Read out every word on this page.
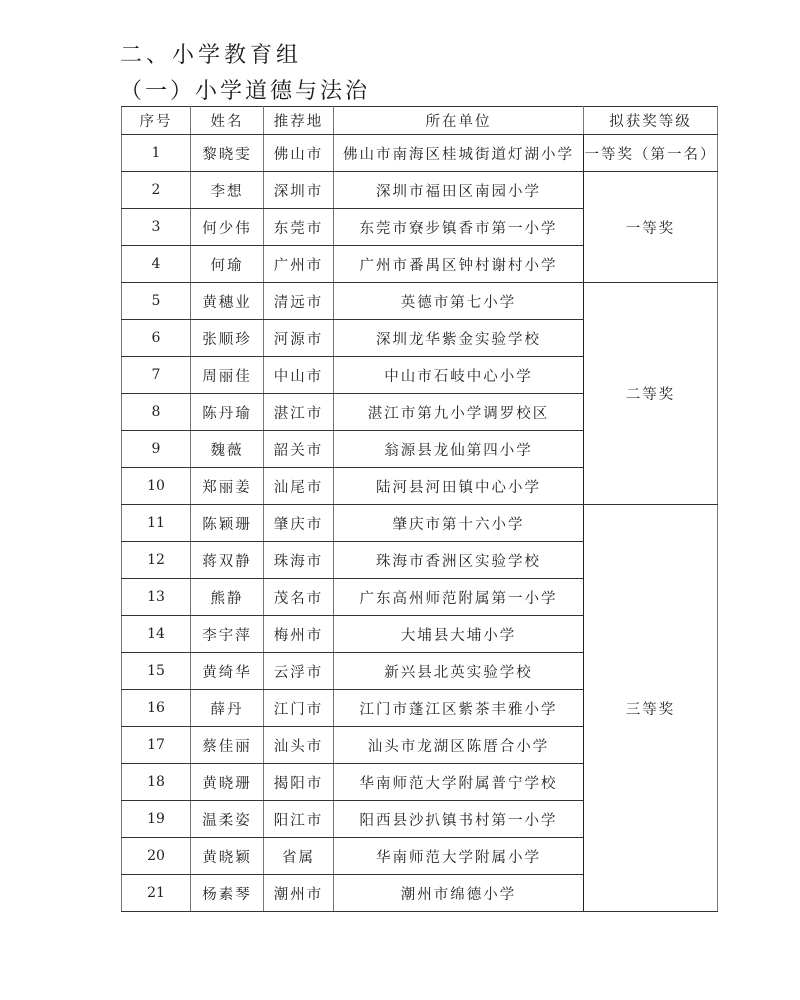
二、小学教育组
（一）小学道德与法治
序号	姓名	推荐地	所在单位	拟获奖等级
1	黎晓雯	佛山市	佛山市南海区桂城街道灯湖小学	一等奖（第一名）
2	李想	深圳市	深圳市福田区南园小学	一等奖
3	何少伟	东莞市	东莞市寮步镇香市第一小学	
4	何瑜	广州市	广州市番禺区钟村谢村小学	
5	黄穗业	清远市	英德市第七小学	二等奖
6	张顺珍	河源市	深圳龙华紫金实验学校	
7	周丽佳	中山市	中山市石岐中心小学	
8	陈丹瑜	湛江市	湛江市第九小学调罗校区	
9	魏薇	韶关市	翁源县龙仙第四小学	
10	郑丽姜	汕尾市	陆河县河田镇中心小学	
11	陈颖珊	肇庆市	肇庆市第十六小学	三等奖
12	蒋双静	珠海市	珠海市香洲区实验学校	
13	熊静	茂名市	广东高州师范附属第一小学	
14	李宇萍	梅州市	大埔县大埔小学	
15	黄绮华	云浮市	新兴县北英实验学校	
16	薛丹	江门市	江门市蓬江区紫茶丰雅小学	
17	蔡佳丽	汕头市	汕头市龙湖区陈厝合小学	
18	黄晓珊	揭阳市	华南师范大学附属普宁学校	
19	温柔姿	阳江市	阳西县沙扒镇书村第一小学	
20	黄晓颖	省属	华南师范大学附属小学	
21	杨素琴	潮州市	潮州市绵德小学	
